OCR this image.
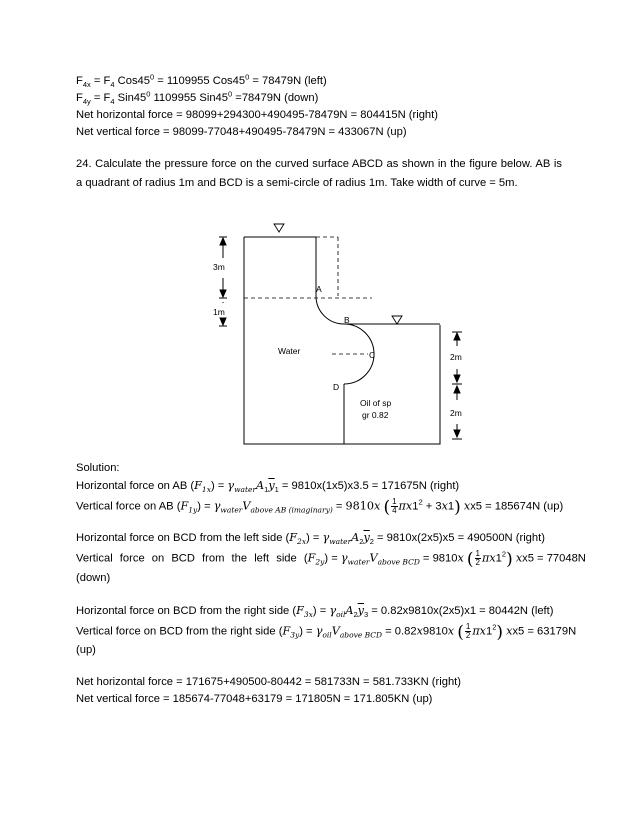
$F_{4x} = F_4$ $Cos45^0 = 1109955$ $Cos45^0 = 78479N$ (left)
$F_{4y} = F_4$ $Sin45^0$ 1109955 $Sin45^0 =78479N$ (down)
Net horizontal force = 98099+294300+490495-78479N = 804415N (right)
Net vertical force = 98099-77048+490495-78479N = 433067N (up)
24. Calculate the pressure force on the curved surface ABCD as shown in the figure below. AB is a quadrant of radius 1m and BCD is a semi-circle of radius 1m. Take width of curve = 5m.
3m
1m
A
B
C
D
Water
Oil of sp
gr 0.82
2m
2m
Solution:
Horizontal force on AB $(F_{1x}) = \gamma_{water}A_1\overline{y}_1 = 9810x(1x5)x3.5 = 171675N$ (right)
Vertical force on AB $(F_{1y}) = \gamma_{water}V_{above AB (imaginary)} = 9810x$ ( $\frac{1}{4} \pi x1^2 + 3x1$) xx5 = 185674N (up)
Horizontal force on BCD from the left side $(F_{2x}) = \gamma_{water}A_2\overline{y}_2 = 9810x(2x5)x5 = 490500N$ (right)
Vertical force on BCD from the left side $(F_{2y}) = \gamma_{water}V_{above BCD} = 9810x$ ( $\frac{1}{2} \pi x1^2$) xx5 = 77048N
(down)
Horizontal force on BCD from the right side $(F_{3x}) = \gamma_{oil}A_2\overline{y}_3 = 0.82x9810x(2x5)x1 = 80442N$ (left)
Vertical force on BCD from the right side $(F_{3y}) = \gamma_{oil}V_{above BCD} = 0.82x9810x$ ( $\frac{1}{2} \pi x1^2$) xx5 = 63179N
(up)
Net horizontal force = 171675+490500-80442 = 581733N = 581.733KN (right)
Net vertical force = 185674-77048+63179 = 171805N = 171.805KN (up)
